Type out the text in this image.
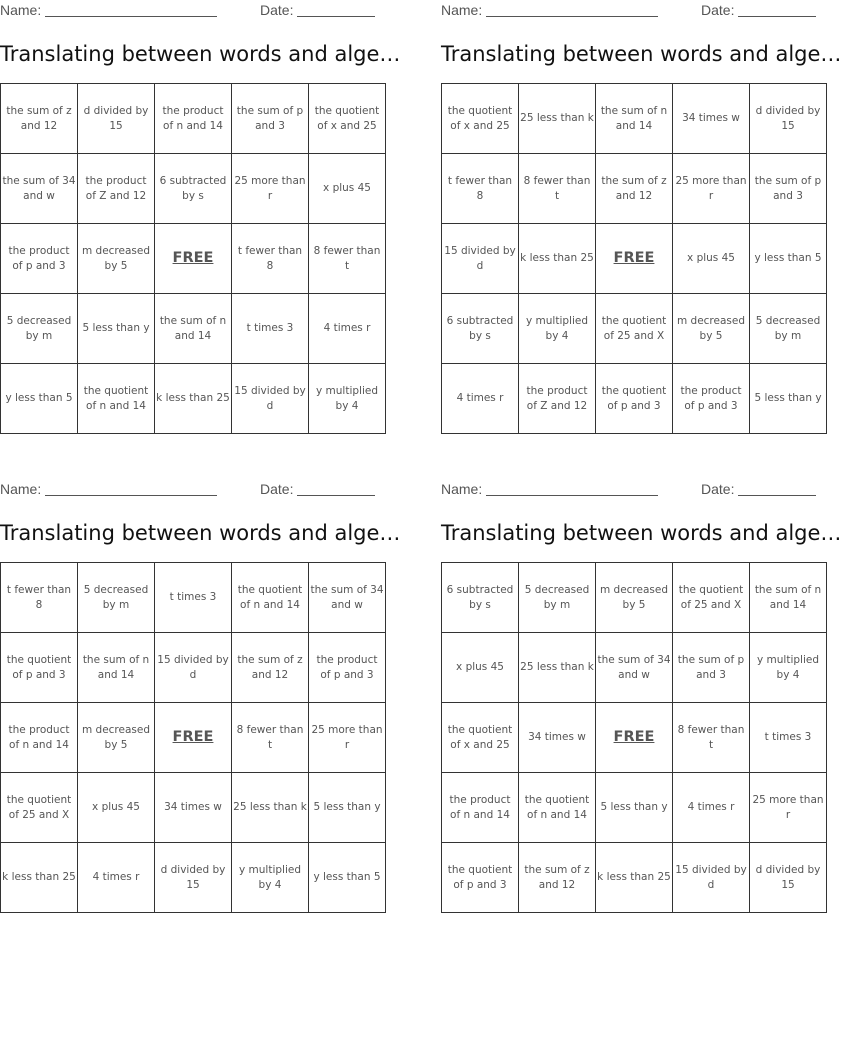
Name:	Date:
Translating between words and alge…
the sum of z and 12	d divided by 15	the product of n and 14	the sum of p and 3	the quotient of x and 25
the sum of 34 and w	the product of Z and 12	6 subtracted by s	25 more than r	x plus 45
the product of p and 3	m decreased by 5	FREE	t fewer than 8	8 fewer than t
5 decreased by m	5 less than y	the sum of n and 14	t times 3	4 times r
y less than 5	the quotient of n and 14	k less than 25	15 divided by d	y multiplied by 4
Name:	Date:
Translating between words and alge…
the quotient of x and 25	25 less than k	the sum of n and 14	34 times w	d divided by 15
t fewer than 8	8 fewer than t	the sum of z and 12	25 more than r	the sum of p and 3
15 divided by d	k less than 25	FREE	x plus 45	y less than 5
6 subtracted by s	y multiplied by 4	the quotient of 25 and X	m decreased by 5	5 decreased by m
4 times r	the product of Z and 12	the quotient of p and 3	the product of p and 3	5 less than y
Name:	Date:
Translating between words and alge…
t fewer than 8	5 decreased by m	t times 3	the quotient of n and 14	the sum of 34 and w
the quotient of p and 3	the sum of n and 14	15 divided by d	the sum of z and 12	the product of p and 3
the product of n and 14	m decreased by 5	FREE	8 fewer than t	25 more than r
the quotient of 25 and X	x plus 45	34 times w	25 less than k	5 less than y
k less than 25	4 times r	d divided by 15	y multiplied by 4	y less than 5
Name:	Date:
Translating between words and alge…
6 subtracted by s	5 decreased by m	m decreased by 5	the quotient of 25 and X	the sum of n and 14
x plus 45	25 less than k	the sum of 34 and w	the sum of p and 3	y multiplied by 4
the quotient of x and 25	34 times w	FREE	8 fewer than t	t times 3
the product of n and 14	the quotient of n and 14	5 less than y	4 times r	25 more than r
the quotient of p and 3	the sum of z and 12	k less than 25	15 divided by d	d divided by 15
